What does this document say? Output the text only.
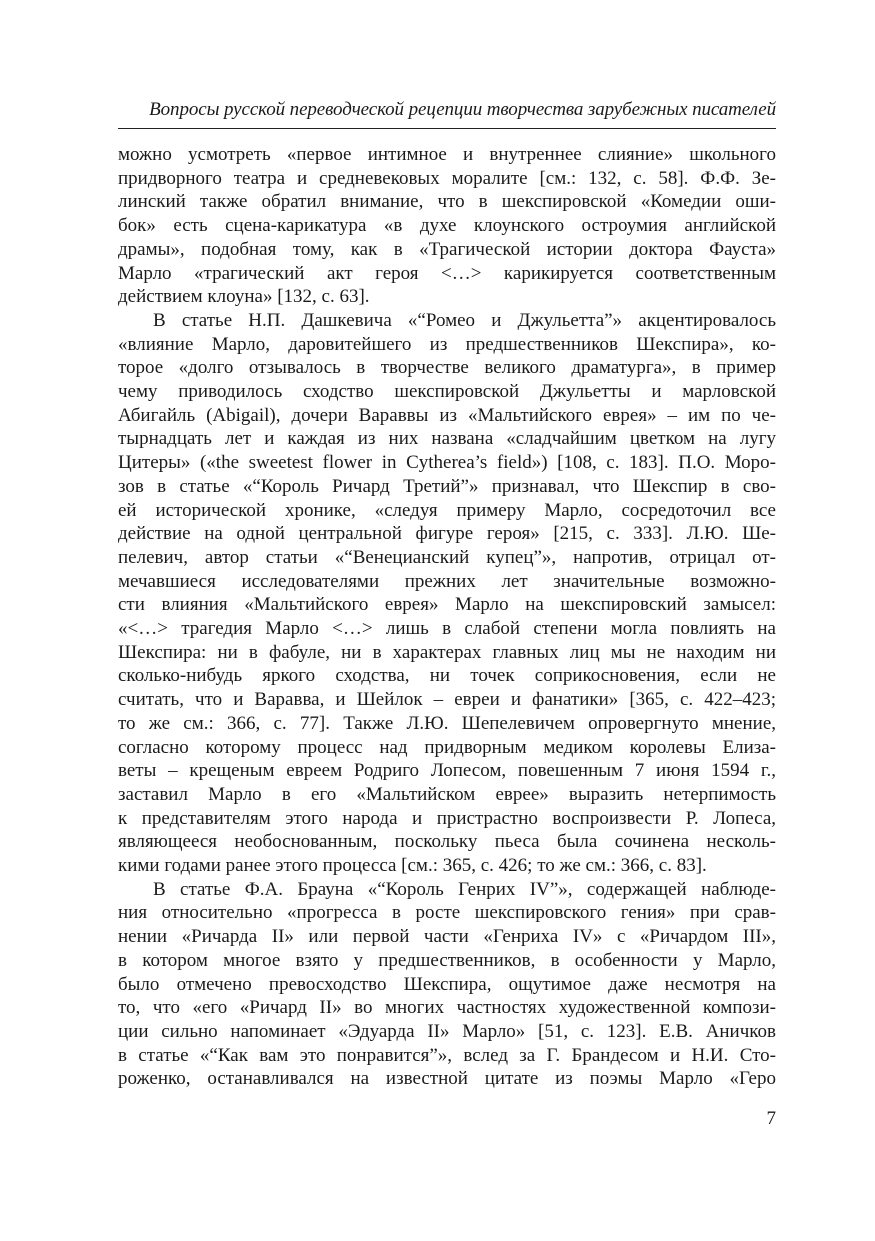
Вопросы русской переводческой рецепции творчества зарубежных писателей
можно усмотреть «первое интимное и внутреннее слияние» школьного
придворного театра и средневековых моралите [см.: 132, с. 58]. Ф.Ф. Зе-
линский также обратил внимание, что в шекспировской «Комедии оши-
бок» есть сцена-карикатура «в духе клоунского остроумия английской
драмы», подобная тому, как в «Трагической истории доктора Фауста»
Марло «трагический акт героя <…> карикируется соответственным
действием клоуна» [132, с. 63].
В статье Н.П. Дашкевича «“Ромео и Джульетта”» акцентировалось
«влияние Марло, даровитейшего из предшественников Шекспира», ко-
торое «долго отзывалось в творчестве великого драматурга», в пример
чему приводилось сходство шекспировской Джульетты и марловской
Абигайль (Abigail), дочери Вараввы из «Мальтийского еврея» – им по че-
тырнадцать лет и каждая из них названа «сладчайшим цветком на лугу
Цитеры» («the sweetest flower in Cytherea’s field») [108, с. 183]. П.О. Моро-
зов в статье «“Король Ричард Третий”» признавал, что Шекспир в сво-
ей исторической хронике, «следуя примеру Марло, сосредоточил все
действие на одной центральной фигуре героя» [215, с. 333]. Л.Ю. Ше-
пелевич, автор статьи «“Венецианский купец”», напротив, отрицал от-
мечавшиеся исследователями прежних лет значительные возможно-
сти влияния «Мальтийского еврея» Марло на шекспировский замысел:
«<…> трагедия Марло <…> лишь в слабой степени могла повлиять на
Шекспира: ни в фабуле, ни в характерах главных лиц мы не находим ни
сколько-нибудь яркого сходства, ни точек соприкосновения, если не
считать, что и Варавва, и Шейлок – евреи и фанатики» [365, с. 422–423;
то же см.: 366, с. 77]. Также Л.Ю. Шепелевичем опровергнуто мнение,
согласно которому процесс над придворным медиком королевы Елиза-
веты – крещеным евреем Родриго Лопесом, повешенным 7 июня 1594 г.,
заставил Марло в его «Мальтийском еврее» выразить нетерпимость
к представителям этого народа и пристрастно воспроизвести Р. Лопеса,
являющееся необоснованным, поскольку пьеса была сочинена несколь-
кими годами ранее этого процесса [см.: 365, с. 426; то же см.: 366, с. 83].
В статье Ф.А. Брауна «“Король Генрих IV”», содержащей наблюде-
ния относительно «прогресса в росте шекспировского гения» при срав-
нении «Ричарда II» или первой части «Генриха IV» с «Ричардом III»,
в котором многое взято у предшественников, в особенности у Марло,
было отмечено превосходство Шекспира, ощутимое даже несмотря на
то, что «его «Ричард II» во многих частностях художественной компози-
ции сильно напоминает «Эдуарда II» Марло» [51, с. 123]. Е.В. Аничков
в статье «“Как вам это понравится”», вслед за Г. Брандесом и Н.И. Сто-
роженко, останавливался на известной цитате из поэмы Марло «Геро
7
